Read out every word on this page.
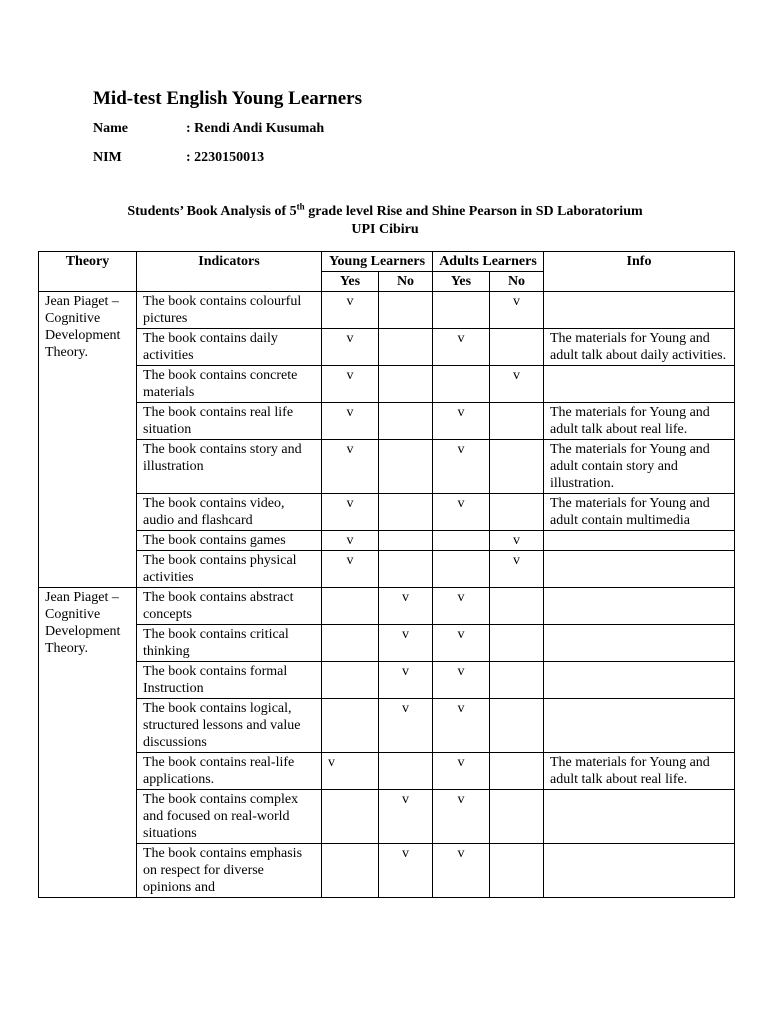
Mid-test English Young Learners
Name	: Rendi Andi Kusumah
NIM	: 2230150013
Students’ Book Analysis of 5th grade level Rise and Shine Pearson in SD Laboratorium
UPI Cibiru
Theory	Indicators	Young Learners		Adults Learners		Info
		Yes	No	Yes	No	
Jean Piaget – Cognitive Development Theory.	The book contains colourful pictures	v			v	
	The book contains daily activities	v		v		The materials for Young and adult talk about daily activities.
	The book contains concrete materials	v			v	
	The book contains real life situation	v		v		The materials for Young and adult talk about real life.
	The book contains story and illustration	v		v		The materials for Young and adult contain story and illustration.
	The book contains video, audio and flashcard	v		v		The materials for Young and adult contain multimedia
	The book contains games	v			v	
	The book contains physical activities	v			v	
Jean Piaget – Cognitive Development Theory.	The book contains abstract concepts		v	v		
	The book contains critical thinking		v	v		
	The book contains formal Instruction		v	v		
	The book contains logical, structured lessons and value discussions		v	v		
	The book contains real-life applications.	v		v		The materials for Young and adult talk about real life.
	The book contains complex and focused on real-world situations		v	v		
	The book contains emphasis on respect for diverse opinions and		v	v		
